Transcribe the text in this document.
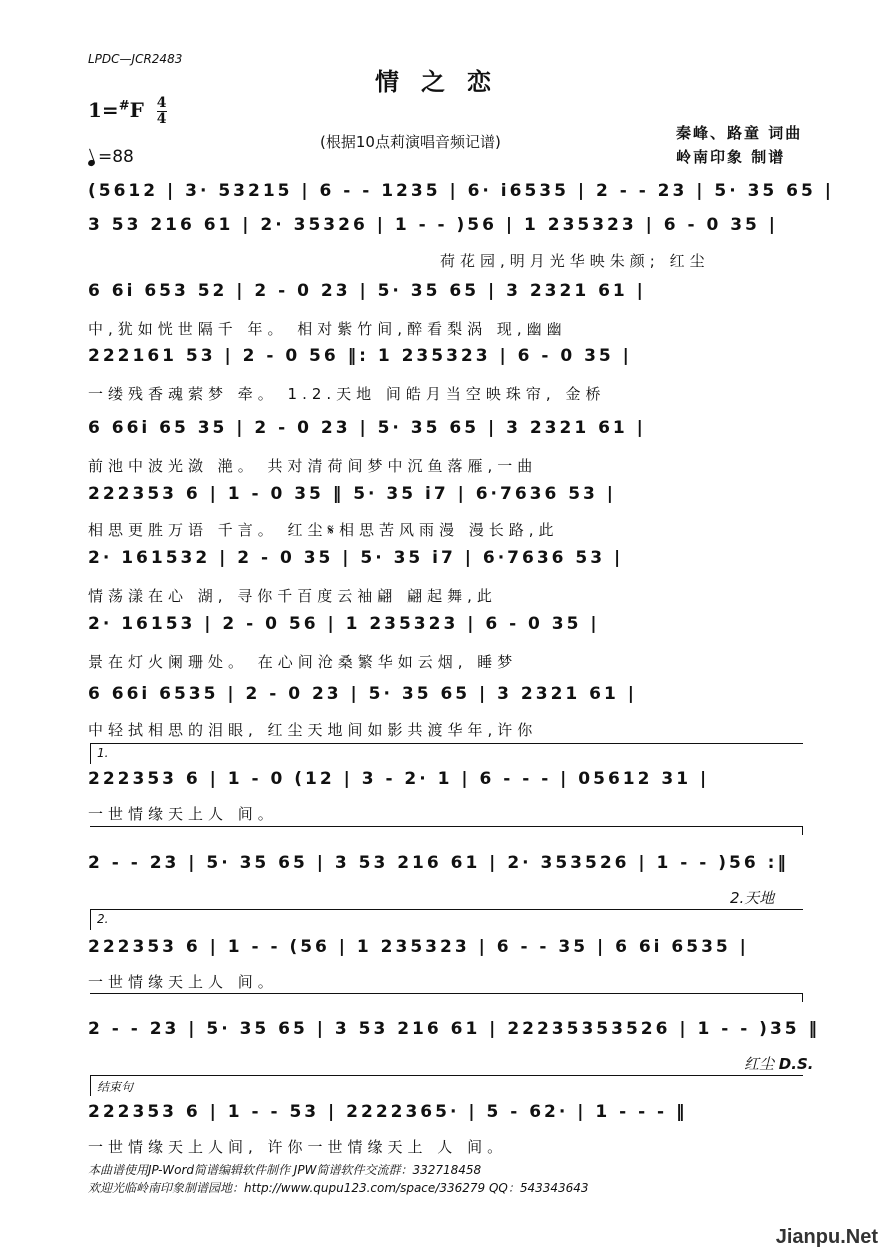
LPDC—JCR2483
情之恋
$1=^{\#}F \frac{4}{4}$
(根据10点莉演唱音频记谱)	秦峰、路童 词曲
岭南印象 制谱
=88
(5612 | 3· 53215 | 6 - - 1235 | 6· i6535 | 2 - - 23 | 5· 35 65 |
3 53 216 61 | 2· 35326 | 1 - - )56 | 1 235323 | 6 - 0 35 |
荷花园,明月光华映朱颜; 红尘
6 6i 653 52 | 2 - 0 23 | 5· 35 65 | 3 2321 61 |
中,犹如恍世隔千 年。 相对紫竹间,醉看梨涡 现,幽幽
222161 53 | 2 - 0 56 ‖: 1 235323 | 6 - 0 35 |
一缕残香魂萦梦 牵。 1.2.天地 间皓月当空映珠帘, 金桥
6 66i 65 35 | 2 - 0 23 | 5· 35 65 | 3 2321 61 |
前池中波光潋 滟。 共对清荷间梦中沉鱼落雁,一曲
222353 6 | 1 - 0 35 ‖ 5· 35 i7 | 6·7636 53 |
相思更胜万语 千言。 红尘𝄋相思苦风雨漫 漫长路,此
2· 161532 | 2 - 0 35 | 5· 35 i7 | 6·7636 53 |
情荡漾在心 湖, 寻你千百度云袖翩 翩起舞,此
2· 16153 | 2 - 0 56 | 1 235323 | 6 - 0 35 |
景在灯火阑珊处。 在心间沧桑繁华如云烟, 睡梦
6 66i 6535 | 2 - 0 23 | 5· 35 65 | 3 2321 61 |
中轻拭相思的泪眼, 红尘天地间如影共渡华年,许你
1.
222353 6 | 1 - 0 (12 | 3 - 2· 1 | 6 - - - | 05612 31 |
一世情缘天上人 间。
2 - - 23 | 5· 35 65 | 3 53 216 61 | 2· 353526 | 1 - - )56 :‖
2.天地
2.
222353 6 | 1 - - (56 | 1 235323 | 6 - - 35 | 6 6i 6535 |
一世情缘天上人 间。
2 - - 23 | 5· 35 65 | 3 53 216 61 | 22235353526 | 1 - - )35 ‖
红尘 D.S.
结束句
222353 6 | 1 - - 53 | 2222365· | 5 - 62· | 1 - - - ‖
一世情缘天上人间, 许你一世情缘天上 人 间。
本曲谱使用JP-Word简谱编辑软件制作 JPW简谱软件交流群：332718458
欢迎光临岭南印象制谱园地：http://www.qupu123.com/space/336279 QQ：543343643
Jianpu.Net
